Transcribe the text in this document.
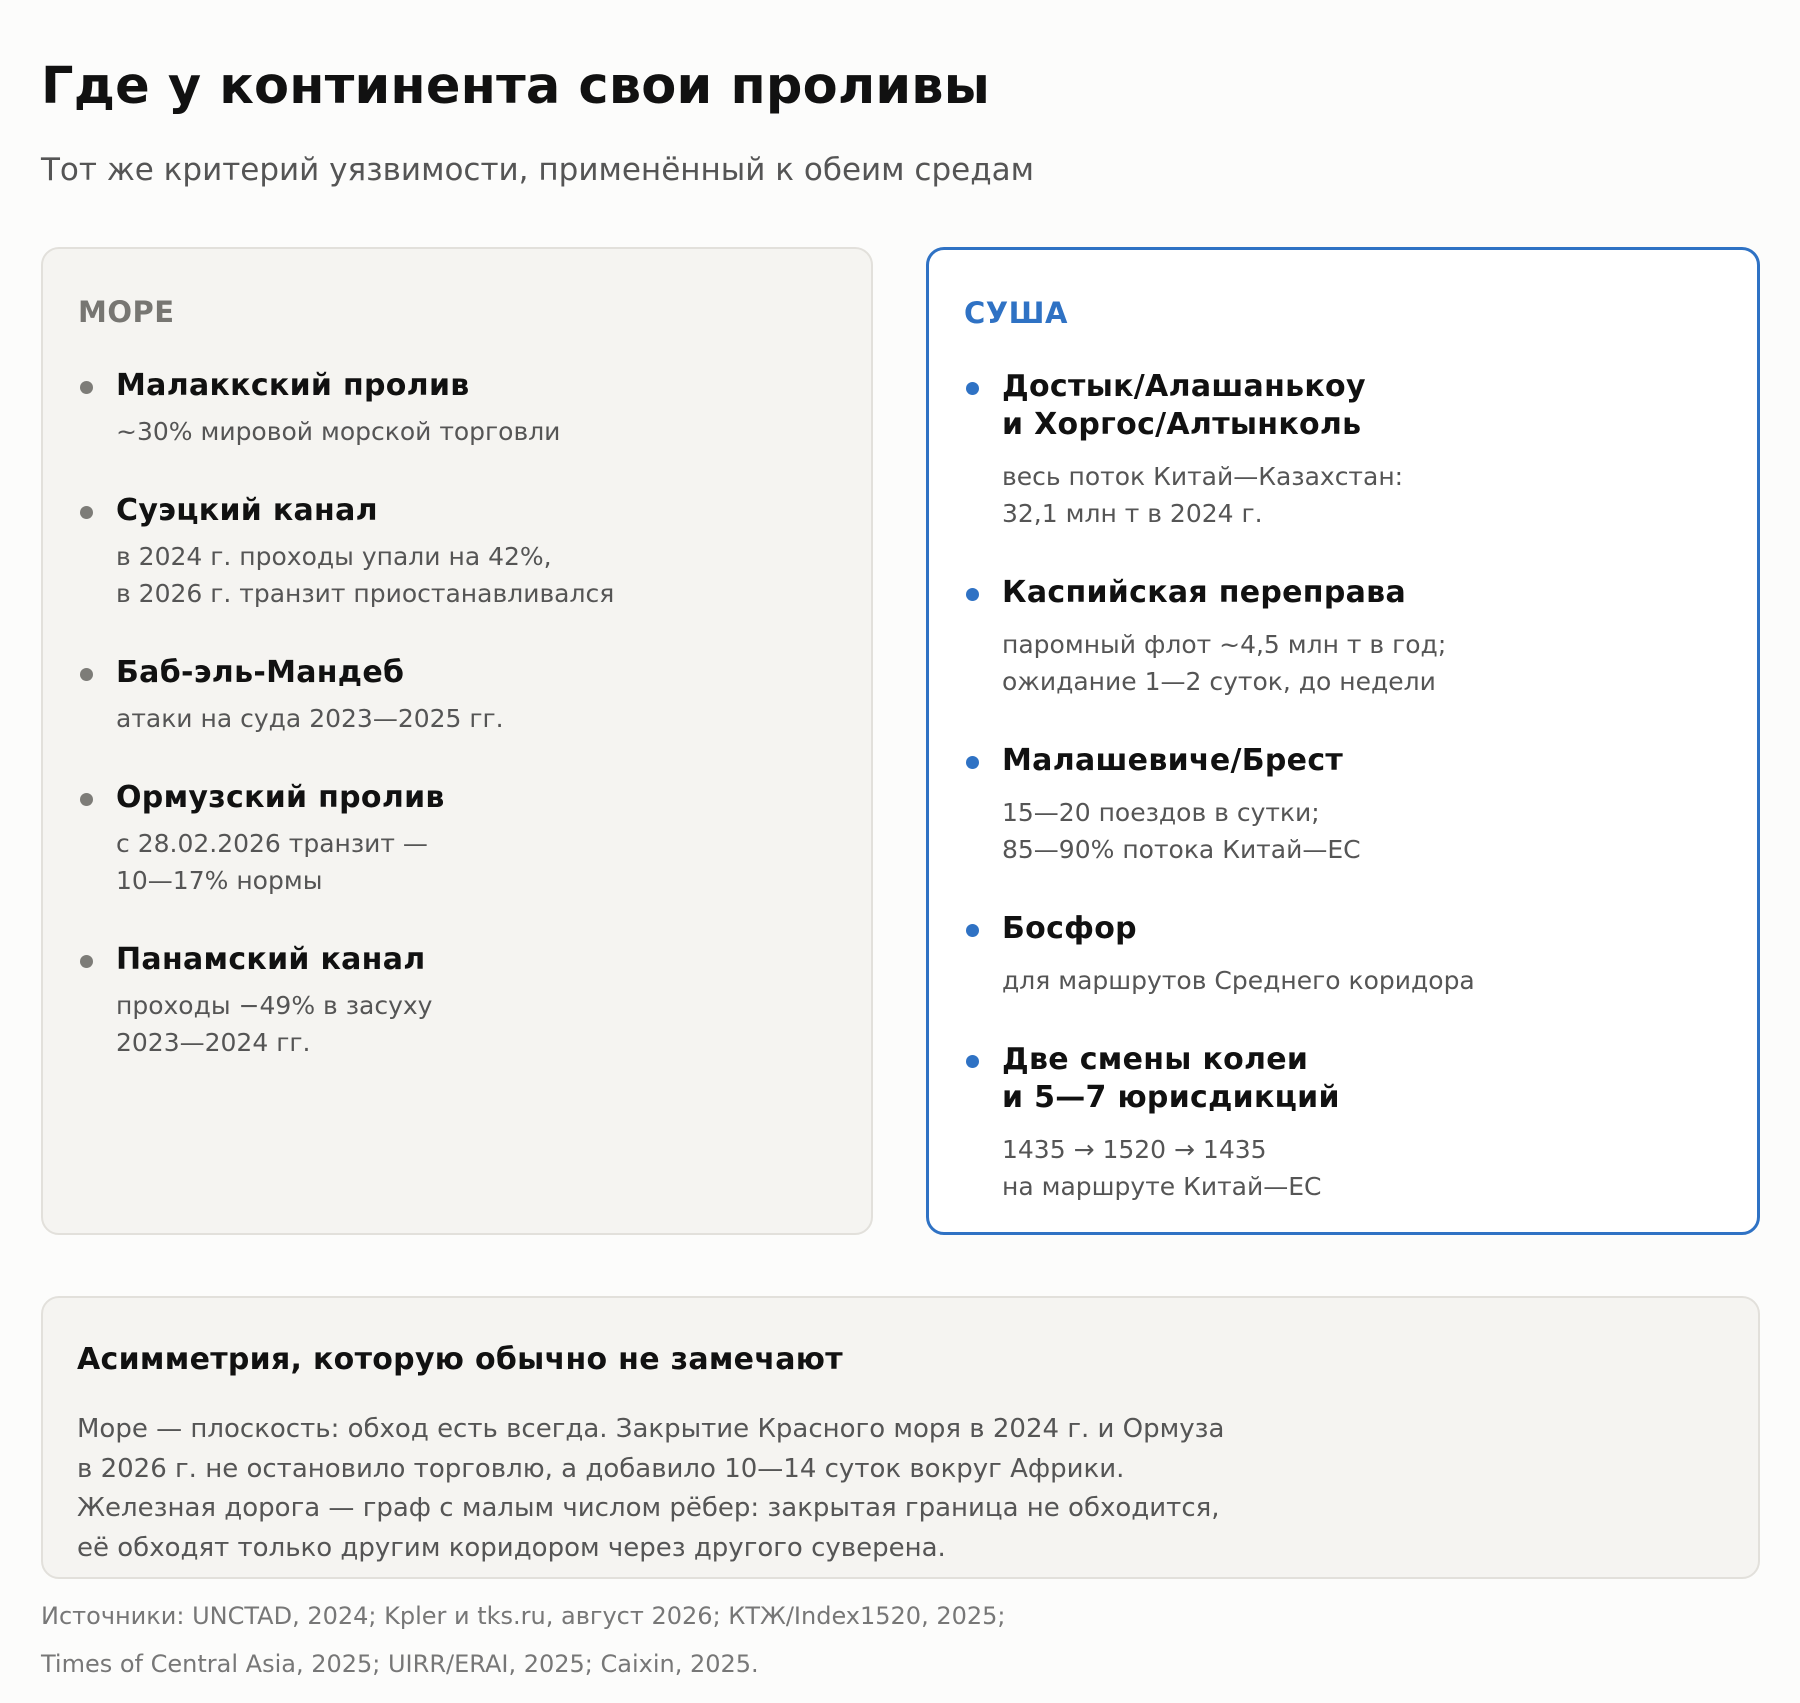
Где у континента свои проливы
Тот же критерий уязвимости, применённый к обеим средам
МОРЕ
Малаккский пролив
~30% мировой морской торговли
Суэцкий канал
в 2024 г. проходы упали на 42%,
в 2026 г. транзит приостанавливался
Баб-эль-Мандеб
атаки на суда 2023—2025 гг.
Ормузский пролив
с 28.02.2026 транзит —
10—17% нормы
Панамский канал
проходы −49% в засуху
2023—2024 гг.
СУША
Достык/Алашанькоу
и Хоргос/Алтынколь
весь поток Китай—Казахстан:
32,1 млн т в 2024 г.
Каспийская переправа
паромный флот ~4,5 млн т в год;
ожидание 1—2 суток, до недели
Малашевиче/Брест
15—20 поездов в сутки;
85—90% потока Китай—ЕС
Босфор
для маршрутов Среднего коридора
Две смены колеи
и 5—7 юрисдикций
1435 → 1520 → 1435
на маршруте Китай—ЕС
Асимметрия, которую обычно не замечают
Море — плоскость: обход есть всегда. Закрытие Красного моря в 2024 г. и Ормуза
в 2026 г. не остановило торговлю, а добавило 10—14 суток вокруг Африки.
Железная дорога — граф с малым числом рёбер: закрытая граница не обходится,
eё обходят только другим коридором через другого суверена.
Источники: UNCTAD, 2024; Kpler и tks.ru, август 2026; КТЖ/Index1520, 2025;
Times of Central Asia, 2025; UIRR/ERAI, 2025; Caixin, 2025.
